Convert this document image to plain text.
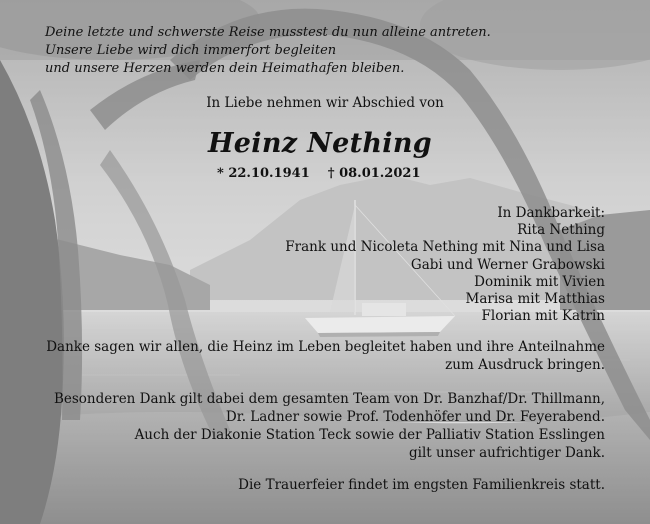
Deine letzte und schwerste Reise musstest du nun alleine antreten.
Unsere Liebe wird dich immerfort begleiten
und unsere Herzen werden dein Heimathafen bleiben.
In Liebe nehmen wir Abschied von
Heinz Nething
* 22.10.1941 † 08.01.2021
In Dankbarkeit:
Rita Nething
Frank und Nicoleta Nething mit Nina und Lisa
Gabi und Werner Grabowski
Dominik mit Vivien
Marisa mit Matthias
Florian mit Katrin
Danke sagen wir allen, die Heinz im Leben begleitet haben und ihre Anteilnahme
zum Ausdruck bringen.
Besonderen Dank gilt dabei dem gesamten Team von Dr. Banzhaf/Dr. Thillmann,
Dr. Ladner sowie Prof. Todenhöfer und Dr. Feyerabend.
Auch der Diakonie Station Teck sowie der Palliativ Station Esslingen
gilt unser aufrichtiger Dank.
Die Trauerfeier findet im engsten Familienkreis statt.
